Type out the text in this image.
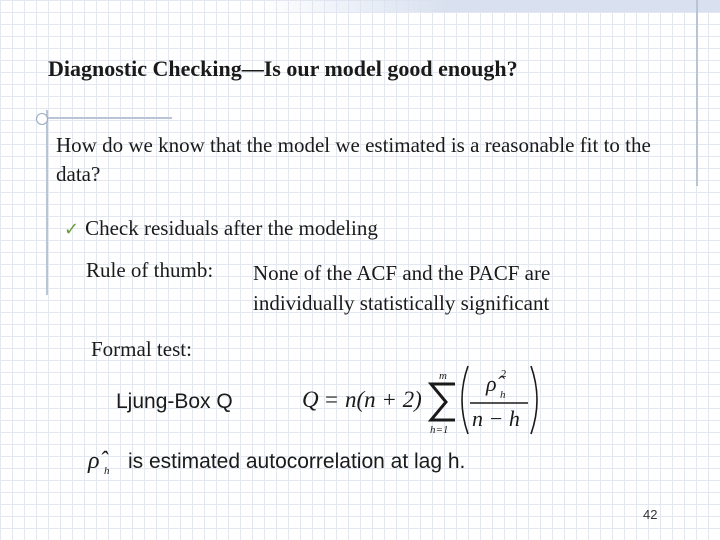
Diagnostic Checking—Is our model good enough?

How do we know that the model we estimated is a reasonable fit to the data?

✓ Check residuals after the modeling
Rule of thumb: None of the ACF and the PACF are individually statistically significant

Formal test:
Ljung-Box Q	Q = n(n + 2)
m
h=1
ρ̂ h
2
n − h
ρ̂ h is estimated autocorrelation at lag h.
42
